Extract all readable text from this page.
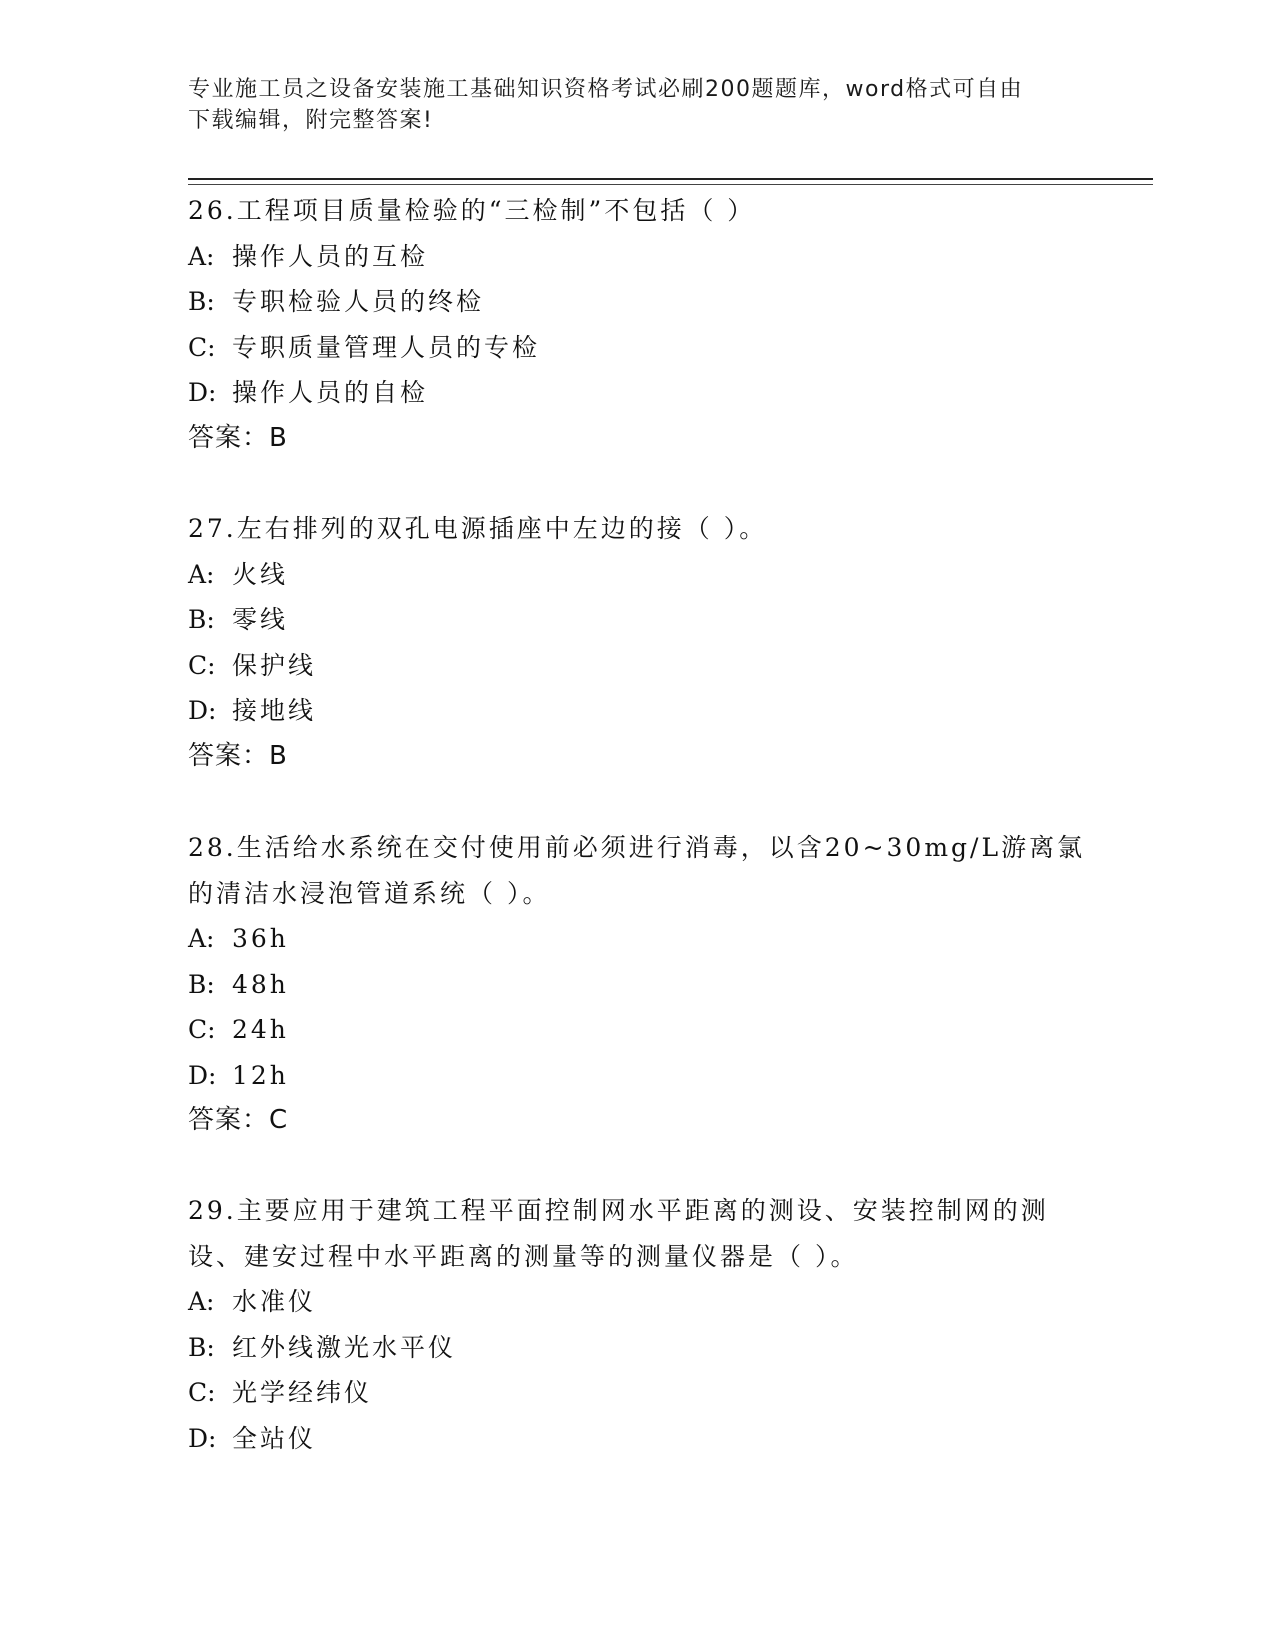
专业施工员之设备安装施工基础知识资格考试必刷200题题库，word格式可自由
下载编辑，附完整答案!

26.工程项目质量检验的“三检制”不包括（ ）

A: 操作人员的互检

B: 专职检验人员的终检

C: 专职质量管理人员的专检

D: 操作人员的自检

答案：B

27.左右排列的双孔电源插座中左边的接（ ）。

A: 火线

B: 零线

C: 保护线

D: 接地线

答案：B

28.生活给水系统在交付使用前必须进行消毒，以含20~30mg/L游离氯

的清洁水浸泡管道系统（ ）。

A: 36h

B: 48h

C: 24h

D: 12h

答案：C

29.主要应用于建筑工程平面控制网水平距离的测设、安装控制网的测

设、建安过程中水平距离的测量等的测量仪器是（ ）。

A: 水准仪

B: 红外线激光水平仪

C: 光学经纬仪

D: 全站仪
